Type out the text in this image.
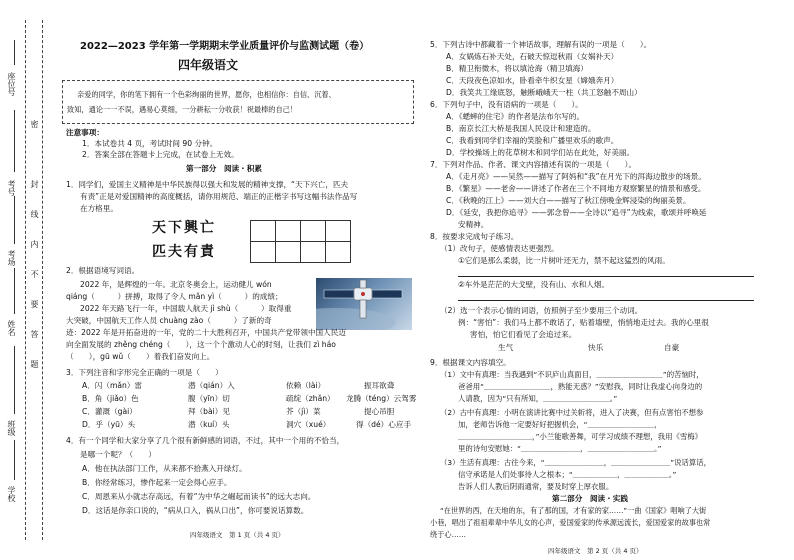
座位号
考号
考场
姓名
班级
学校
密
封
线
内
不
要
答
题
2022—2023 学年第一学期期末学业质量评价与监测试题（卷）
四年级语文
亲爱的同学，你的笔下拥有一个色彩绚丽的世界，愿你，也相信你：自信、沉着、
致知，通论一一不误，遇易心莫细，一分耕耘一分收获！祝最棒的自己！
注意事项：
1．本试卷共 4 页，考试时间 90 分钟。
2．答案全部在答题卡上完成，在试卷上无效。
第一部分　阅读・积累
1．同学们，爱国主义精神是中华民族得以强大和发展的精神支撑，“天下兴亡，匹夫
有责”正是对爱国精神的高度概括，请你用规范、端正的正楷字书写这幅书法作品写
在方格里。
天下興亡
匹夫有責
2．根据语境写词语。
2022 年，是辉煌的一年。北京冬奥会上，运动健儿 wón
qiáng（　　　）拼搏，取得了令人 mǎn yì（　　　）的成绩；
2022 年天路飞行一年，中国载人航天 jì shù（　　　）取得重
大突破，中国航天工作人员 chuàng zào（　　　）了新的奇
迹：2022 年是开拓奋进的一年，党的二十大胜利召开，中国共产党带领中国人民迈
向全面发展的 zhěng chéng（　　），这一个个激动人心的时刻，让我们 zì háo
（　　），gū wǔ（　　）着我们奋发向上。
3．下列注音和字形完全正确的一项是（　　）
A．闪（mǎn）雷	潜（qián）入	依赖（lài）	振耳欲聋
B．角（jiǎo）色	腹（yīn）切	疏绽（zhǎn） 龙腾（téng）云驾雾
C．灌溉（gài）	拜（bài）见	芥（jì）菜	提心吊胆
D．乎（yū）头	潜（kuí）头	洞穴（xué）	得（dé）心应手
4．有一个同学和大家分享了几个很有新鲜感的词语，不过，其中一个用的不恰当，
是哪一个呢？（　　）
A．他在执法部门工作，从来都不拾燕入开绿灯。
B．你经常练习，惨作起来一定会得心应手。
C．周恩来从小就志存高远，有着“为中华之崛起而读书”的远大志向。
D．这话是你亲口说的，“病从口入，祸从口出”，你可要说话算数。
四年级语文　第 1 页（共 4 页）
5．下列古诗中都藏着一个神话故事，理解有误的一项是（　　）。
A．女娲炼石补天处，石破天惊逗秋雨（女娲补天）
B．精卫衔微木，将以填沧海（精卫填海）
C．天段夜色凉如水，卧看牵牛织女星（嫦娥奔月）
D．我笑共工缘底怒，触断峨峨天一柱（共工怒触不周山）
6．下列句子中，没有语病的一项是（　　）。
A．《蟋蟀的住宅》的作者是法布尔写的。
B．南京长江大桥是我国人民设计和建造的。
C．我看到同学们幸福的笑脸和广播里欢乐的歌声。
D．学校操场上的花草树木和同学们站在此处，好美丽。
7．下列对作品、作者、课文内容描述有误的一项是（　　）。
A．《走月亮》——吴然——描写了阿妈和“我”在月光下的洱海边散步的场景。
B．《繁星》——老舍——讲述了作者在三个不同地方观察繁星的情景和感受。
C．《秋晚的江上》——刘大白——描写了秋江傍晚金辉浸染的绚丽美景。
D．《延安，我把你追寻》——郭念曾——全诗以“追寻”为线索，歌颂并呼唤延
安精神。
8．按要求完成句子练习。
（1）改句子，使感情表达更强烈。
①它们是那么柔弱，比一片树叶还无力，禁不起这猛烈的风雨。
②车外是茫茫的大戈壁，没有山、水和人烟。
（2）选一个表示心情的词语，仿照例子至少要用三个动词。
例：“害怕”：我们马上都不敢话了，贴着墙壁，悄悄地走过去。我的心里很
害怕，怕它们看见了会追过来。
生气	快乐	自豪
9．根据课文内容填空。
（1）文中有真理：当我遇到“不识庐山真面目，＿＿＿＿＿＿＿＿＿”的苦恼时，
爸爸用“＿＿＿＿＿＿＿＿＿，熟能无惑？”安慰我，同时让我虚心向身边的
人请教，因为“只有所知，＿＿＿＿＿＿＿＿＿。”
（2）古中有真理：小明在演讲比赛中过关斩将，进入了决赛，但有点害怕不想参
加，老师告诉他一定要好好把握机会，“＿＿＿＿＿＿＿＿＿，
＿＿＿＿＿＿＿＿＿＿，”小兰能歌善舞，可学习成绩不理想，我用《雪梅》
里的诗句安慰她：“＿＿＿＿＿＿＿＿，＿＿＿＿＿＿＿＿＿。”
（3）生活有真理：古往今来，“＿＿＿＿＿＿＿＿，＿＿＿＿＿＿＿＿”说话算话，
信守承诺是人们处事待人之根本；“＿＿＿＿＿＿，＿＿＿＿＿＿。”
告诉人们人教后阴雨通常，要及时穿上厚衣服。
第二部分　阅读・实践
“在世界的西，在天地的东，有了那的国，才有家的家……”一曲《国家》唱响了大街
小巷，唱出了祖祖辈辈中华儿女的心声，爱国爱家的传承源远流长，爱国爱家的故事也常
绕于心……
四年级语文　第 2 页（共 4 页）
